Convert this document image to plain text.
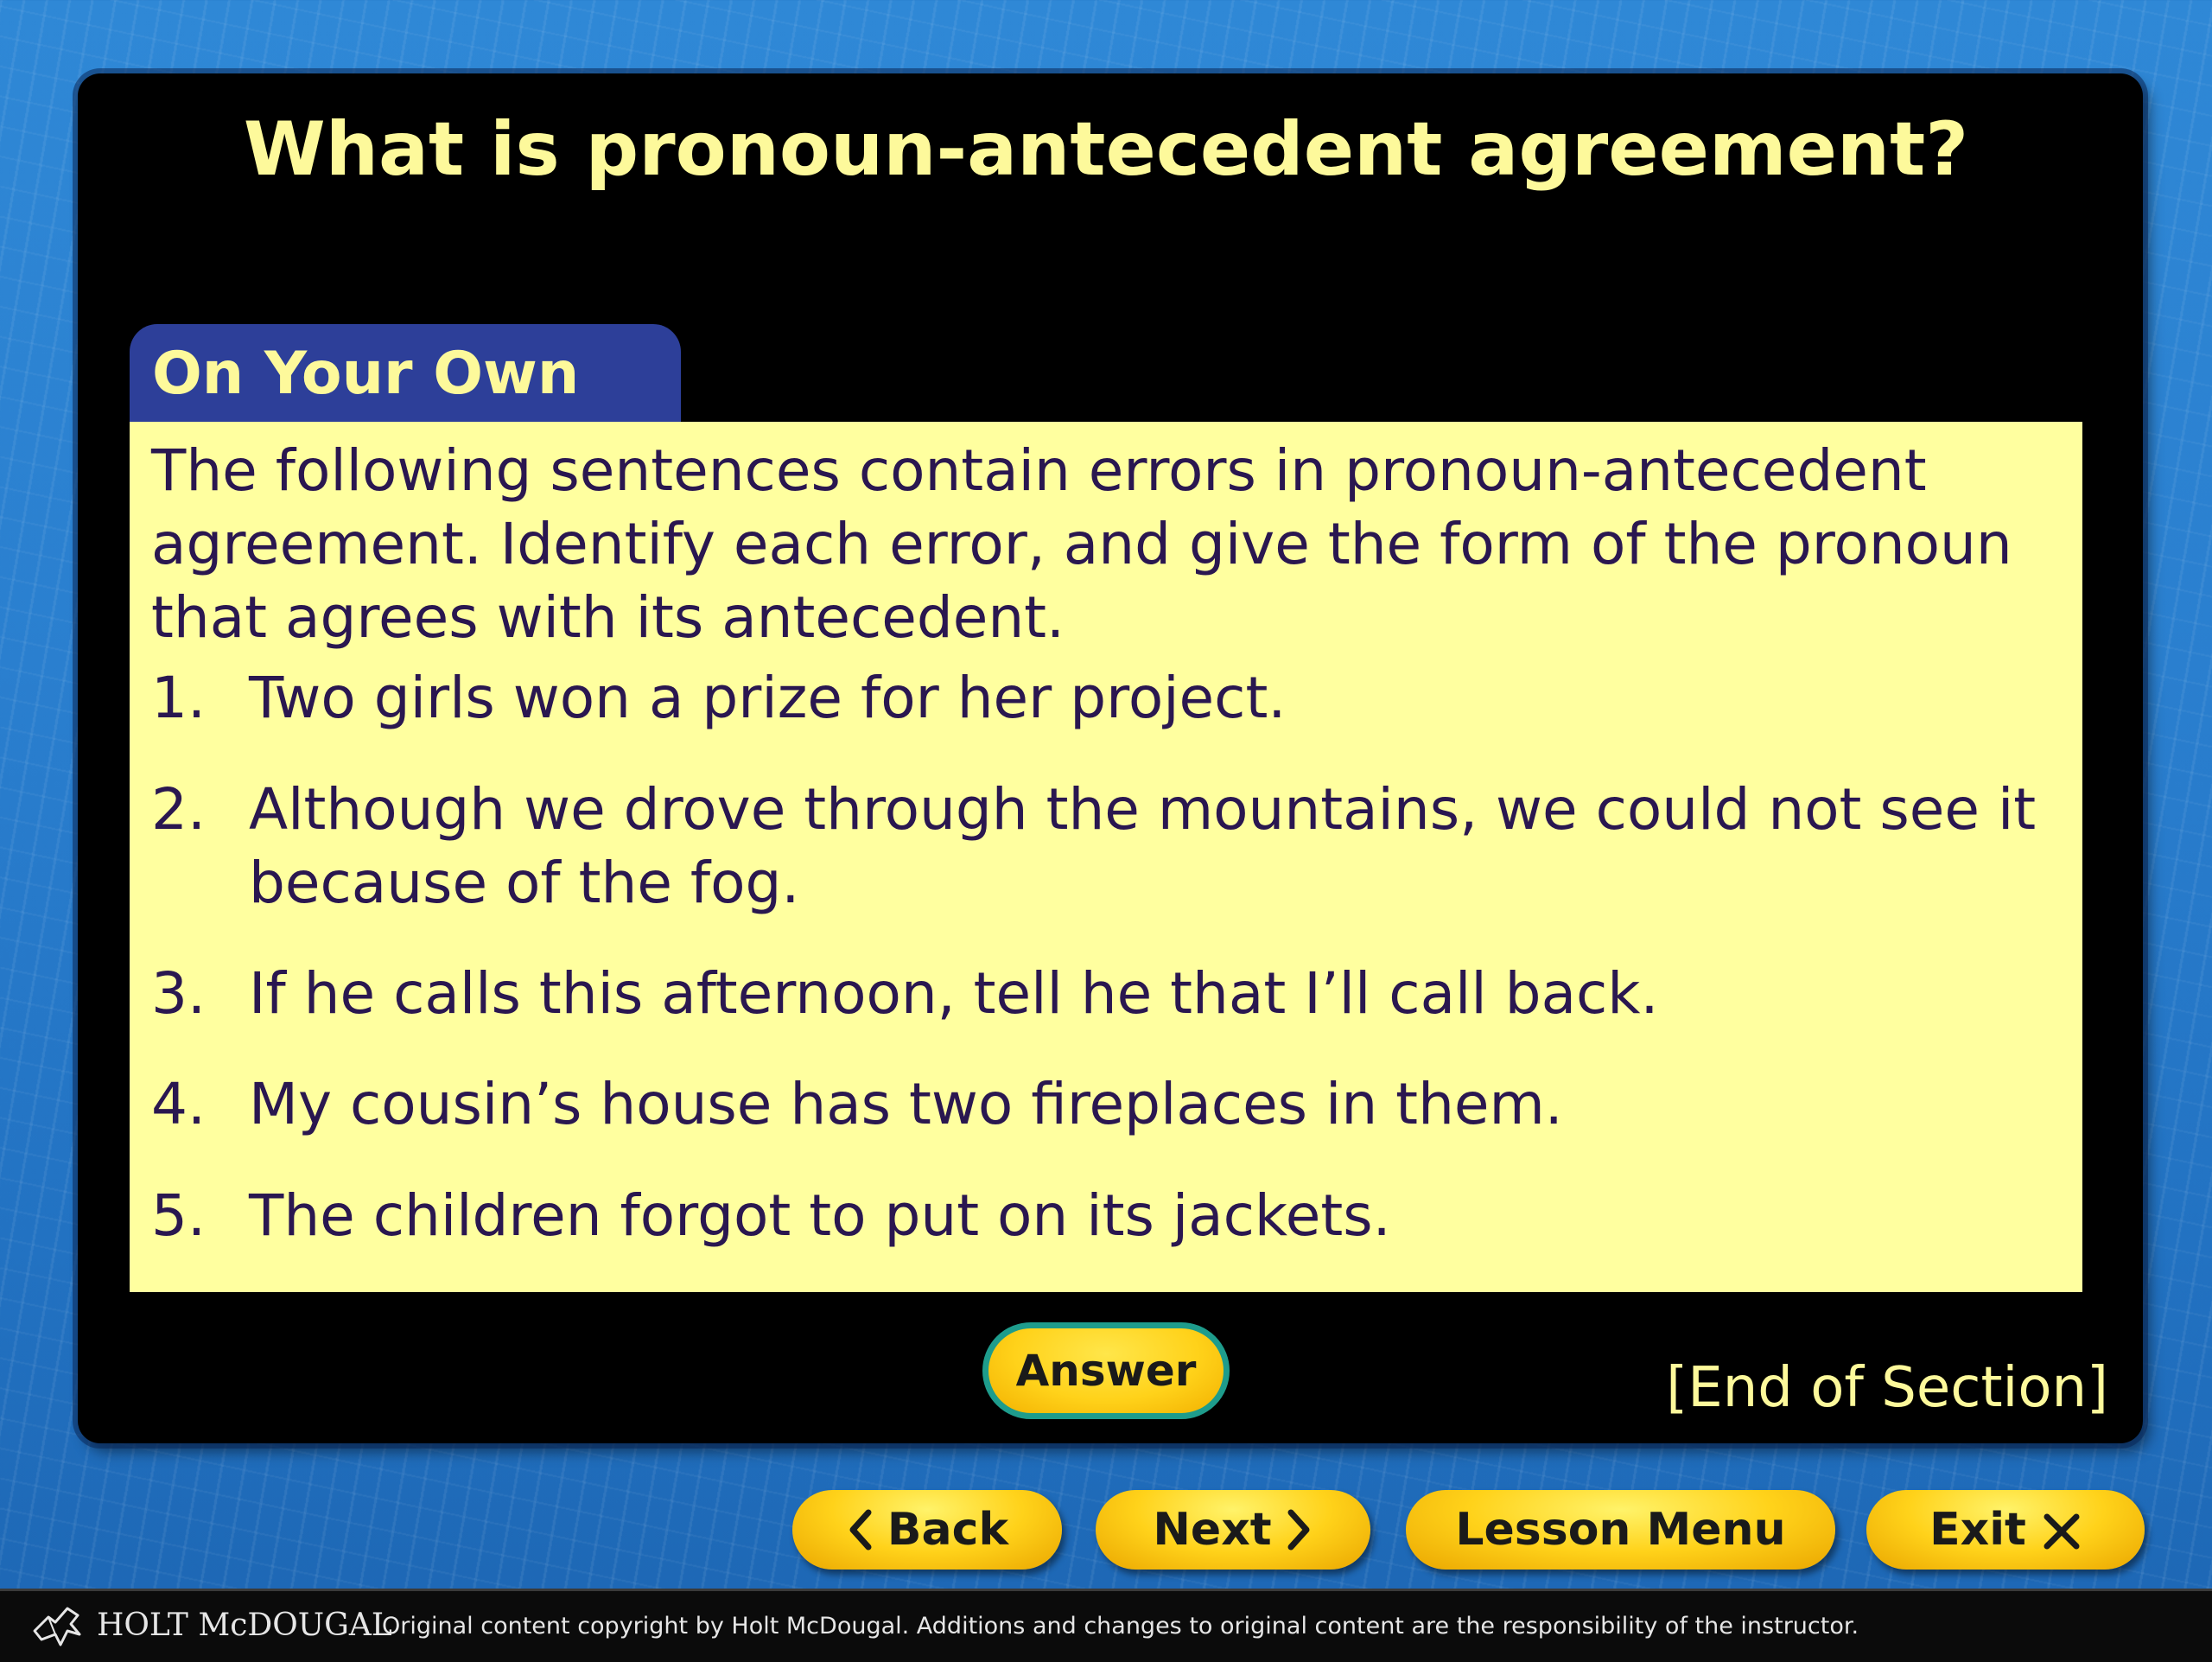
What is pronoun-antecedent agreement?
On Your Own
The following sentences contain errors in pronoun-antecedent agreement. Identify each error, and give the form of the pronoun that agrees with its antecedent.
1. Two girls won a prize for her project.
2. Although we drove through the mountains, we could not see it because of the fog.
3. If he calls this afternoon, tell he that I’ll call back.
4. My cousin’s house has two fireplaces in them.
5. The children forgot to put on its jackets.
Answer	[End of Section]
Back	Next	Lesson Menu	Exit
HOLT McDOUGAL
Original content copyright by Holt McDougal. Additions and changes to original content are the responsibility of the instructor.
